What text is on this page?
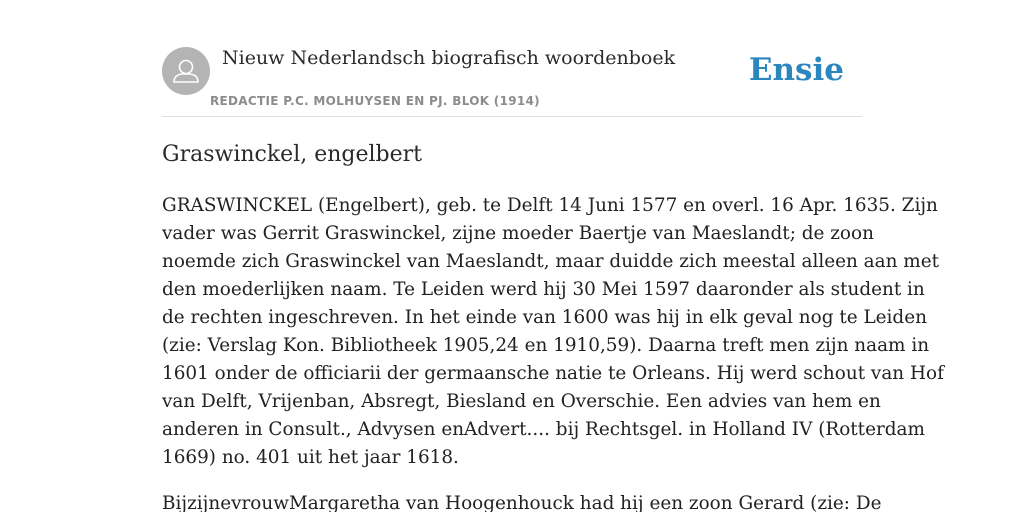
Nieuw Nederlandsch biografisch woordenboek
REDACTIE P.C. MOLHUYSEN EN PJ. BLOK (1914)
Ensie
Graswinckel, engelbert

GRASWINCKEL (Engelbert), geb. te Delft 14 Juni 1577 en overl. 16 Apr. 1635. Zijn
vader was Gerrit Graswinckel, zijne moeder Baertje van Maeslandt; de zoon
noemde zich Graswinckel van Maeslandt, maar duidde zich meestal alleen aan met
den moederlijken naam. Te Leiden werd hij 30 Mei 1597 daaronder als student in
de rechten ingeschreven. In het einde van 1600 was hij in elk geval nog te Leiden
(zie: Verslag Kon. Bibliotheek 1905,24 en 1910,59). Daarna treft men zijn naam in
1601 onder de officiarii der germaansche natie te Orleans. Hij werd schout van Hof
van Delft, Vrijenban, Absregt, Biesland en Overschie. Een advies van hem en
anderen in Consult., Advysen enAdvert.... bij Rechtsgel. in Holland IV (Rotterdam
1669) no. 401 uit het jaar 1618.

BijzijnevrouwMargaretha van Hoogenhouck had hij een zoon Gerard (zie: De
